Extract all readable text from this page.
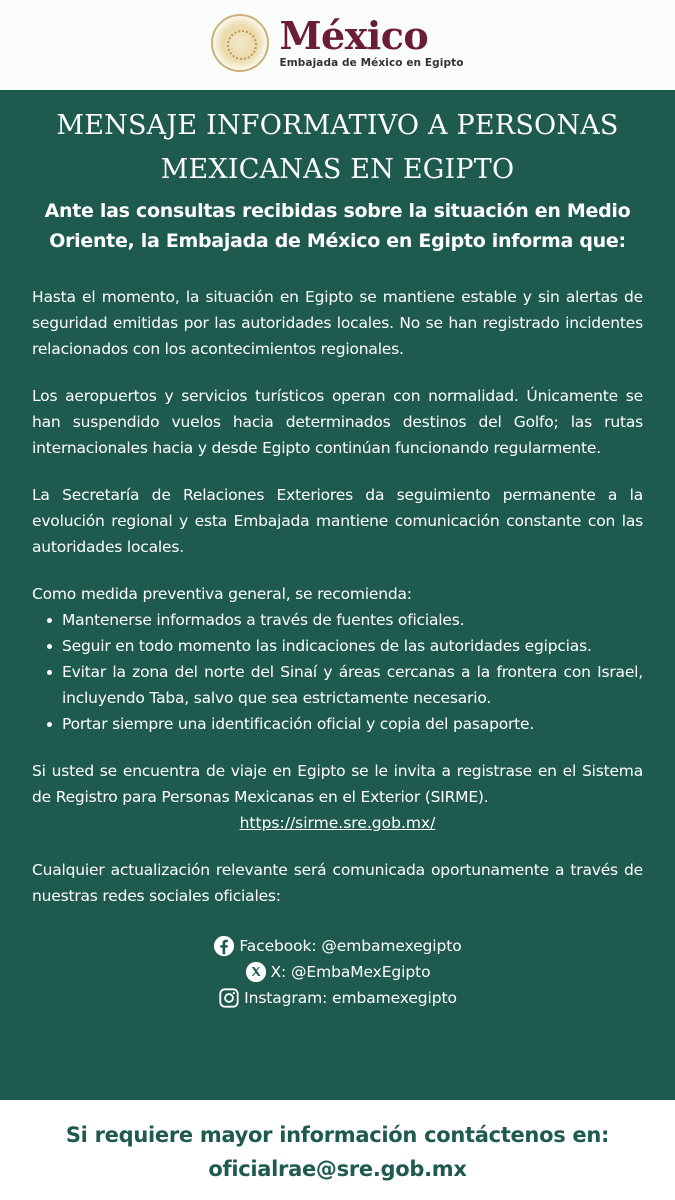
México
Embajada de México en Egipto
MENSAJE INFORMATIVO A PERSONAS
MEXICANAS EN EGIPTO
Ante las consultas recibidas sobre la situación en Medio Oriente, la Embajada de México en Egipto informa que:

Hasta el momento, la situación en Egipto se mantiene estable y sin alertas de seguridad emitidas por las autoridades locales. No se han registrado incidentes relacionados con los acontecimientos regionales.

Los aeropuertos y servicios turísticos operan con normalidad. Únicamente se han suspendido vuelos hacia determinados destinos del Golfo; las rutas internacionales hacia y desde Egipto continúan funcionando regularmente.

La Secretaría de Relaciones Exteriores da seguimiento permanente a la evolución regional y esta Embajada mantiene comunicación constante con las autoridades locales.

Como medida preventiva general, se recomienda:

Mantenerse informados a través de fuentes oficiales.
Seguir en todo momento las indicaciones de las autoridades egipcias.
Evitar la zona del norte del Sinaí y áreas cercanas a la frontera con Israel, incluyendo Taba, salvo que sea estrictamente necesario.
Portar siempre una identificación oficial y copia del pasaporte.

Si usted se encuentra de viaje en Egipto se le invita a registrase en el Sistema de Registro para Personas Mexicanas en el Exterior (SIRME).

https://sirme.sre.gob.mx/

Cualquier actualización relevante será comunicada oportunamente a través de nuestras redes sociales oficiales:

Facebook: @embamexegipto
X: @EmbaMexEgipto
Instagram: embamexegipto
Si requiere mayor información contáctenos en:
oficialrae@sre.gob.mx
